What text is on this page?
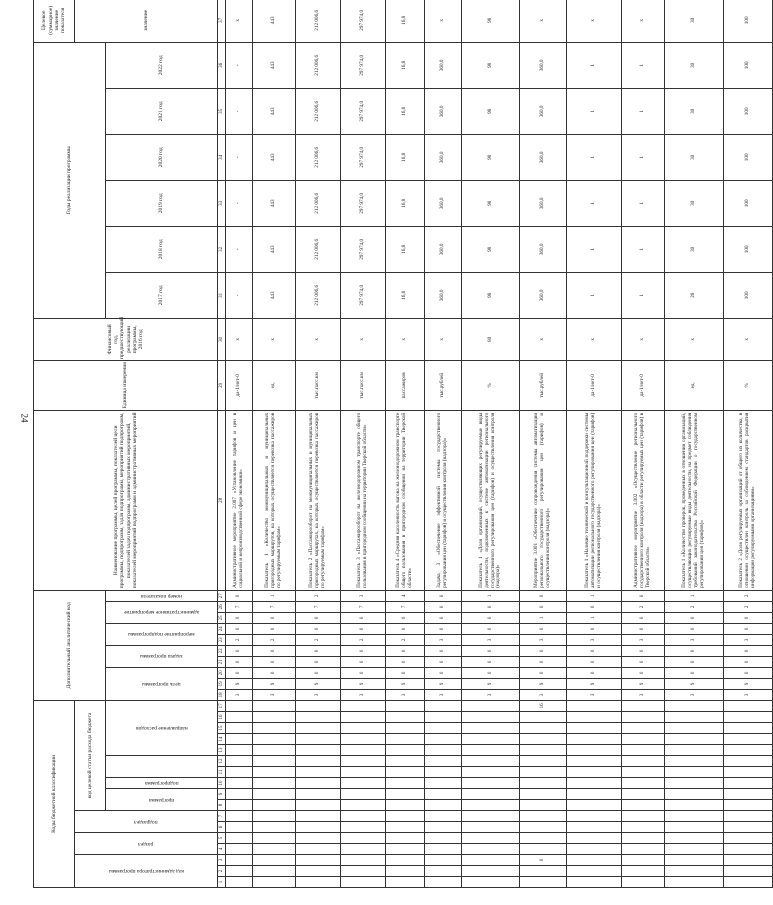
24
Коды бюджетной классификации																	Дополнительный аналитический код										Наименование программы, целей программы, показателей цели программы, подпрограмм, задач подпрограмм, мероприятий подпрограмм, показателей задач подпрограмм, административных мероприятий, показателей мероприятий подпрограмм и административных мероприятий	Единица измерения	Финансовый год, предшествующий реализации программы, 2016 год	Годы реализации программы						Целевое (суммарное) значение показателя

код администратора программы			раздел		подраздел		код целевой статьи расхода бюджета																													значение

							программа		подпрограмма			направление расходов					цель программы			задача программы		мероприятие подпрограммы		административное мероприятие		номер показателя				2017 год	2018 год	2019 год	2020 год	2021 год	2022 год	
1	2	3	4	5	6	7	8	9	10	11	12	13	14	15	16	17	18	19	20	21	22	23	24	25	26	27	28	29	30	31	32	33	34	35	36	37
																	3	9	0	0	0	2	0	0	7	0	Административное мероприятие 2.007 «Установление тарифов и цен в социальной и непроизводственной сфере экономики»	да-1/нет-0	x	-	-	-	-	-	-	x
																	3	9	0	0	0	2	0	0	7	1	Показатель 1 «Количество межмуниципальных и муниципальных пригородных маршрутов, на которых осуществляется перевозка пассажиров по регулируемым тарифам»	ед.	x	443	443	443	443	443	443	443
																	3	9	0	0	0	2	0	0	7	2	Показатель 2 «Пассажирооборот на межмуниципальных и муниципальных пригородных маршрутах, на которых осуществляется перевозка пассажиров по регулируемым тарифам»	тыс.пасс.км	x	212 006,6	212 006,6	212 006,6	212 006,6	212 006,6	212 006,6	212 006,6
																	3	9	0	0	0	2	0	0	7	3	Показатель 3 «Пассажирооборот на железнодорожном транспорте общего пользования в пригородном сообщении на территории Тверской области»	тыс.пасс.км	x	297 974,0	297 974,0	297 974,0	297 974,0	297 974,0	297 974,0	297 974,0
																	3	9	0	0	0	2	0	0	7	4	Показатель 4 «Средняя населенность вагона на железнодорожном транспорте общего пользования в пригородном сообщении на территории Тверской области»	пассажиров	x	16,8	16,8	16,8	16,8	16,8	16,8	16,8
																	3	9	0	0	0	3	0	0	0	0	Задача 3 «Обеспечение эффективной системы государственного регулирования цен (тарифов) и осуществления контроля (надзора)»	тыс.рублей	x	360,0	360,0	360,0	360,0	360,0	360,0	x
																	3	9	0	0	0	3	0	0	0	1	Показатель 1 «Доля организаций, осуществляющих регулируемые виды деятельности, подключенных к системе автоматизации регионального государственного регулирования цен (тарифов) и осуществления контроля (надзора)»	%	80	98	98	98	98	98	98	98
		0														16	3	9	0	0	0	3	0	1	0	0	Мероприятие 3.001 «Обеспечение сопровождения системы автоматизации регионального государственного регулирования цен (тарифов) и осуществления контроля (надзора)»	тыс.рублей	x	360,0	360,0	360,0	360,0	360,0	360,0	x
																	3	9	0	0	0	3	0	1	0	1	Показатель 1 «Наличие технической и консультационной поддержки системы автоматизации регионального государственного регулирования цен (тарифов) и осуществления контроля (надзора)»	да-1/нет-0	x	1	1	1	1	1	1	x
																	3	9	0	0	0	3	0	0	2	0	Административное мероприятие 3.002 «Осуществление регионального государственного контроля (надзора) в области регулируемых цен (тарифов) в Тверской области»	да-1/нет-0	x	1	1	1	1	1	1	x
																	3	9	0	0	0	3	0	0	2	1	Показатель 1 «Количество проверок, проведенных в отношении организаций, осуществляющих регулируемые виды деятельности, на предмет соблюдения требований законодательства Российской Федерации о государственном регулировании цен (тарифов)»	ед.	x	28	30	30	30	30	30	30
																	3	9	0	0	0	3	0	0	2	2	Показатель 2 «Доля регулируемых организаций от общего их количества, в отношении осуществлен контроль за соблюдением стандартов раскрытия информации регулируемыми организациями»	%	x	100	100	100	100	100	100	100
